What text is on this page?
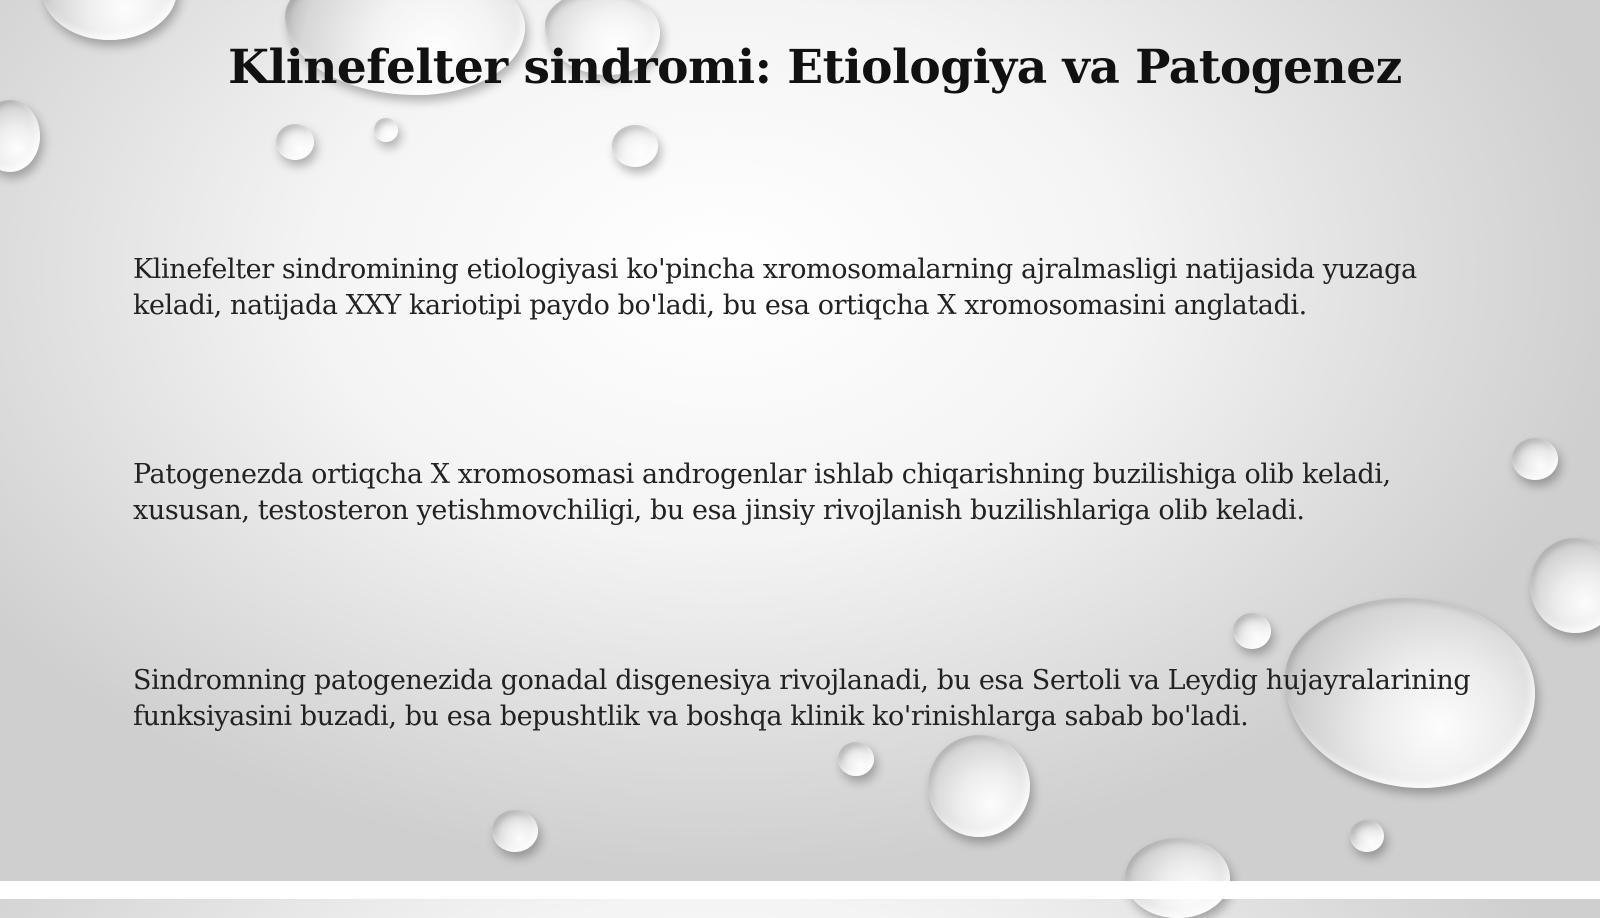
Klinefelter sindromi: Etiologiya va Patogenez
Klinefelter sindromining etiologiyasi ko'pincha xromosomalarning ajralmasligi natijasida yuzaga keladi, natijada XXY kariotipi paydo bo'ladi, bu esa ortiqcha X xromosomasini anglatadi.
Patogenezda ortiqcha X xromosomasi androgenlar ishlab chiqarishning buzilishiga olib keladi, xususan, testosteron yetishmovchiligi, bu esa jinsiy rivojlanish buzilishlariga olib keladi.
Sindromning patogenezida gonadal disgenesiya rivojlanadi, bu esa Sertoli va Leydig hujayralarining funksiyasini buzadi, bu esa bepushtlik va boshqa klinik ko'rinishlarga sabab bo'ladi.
